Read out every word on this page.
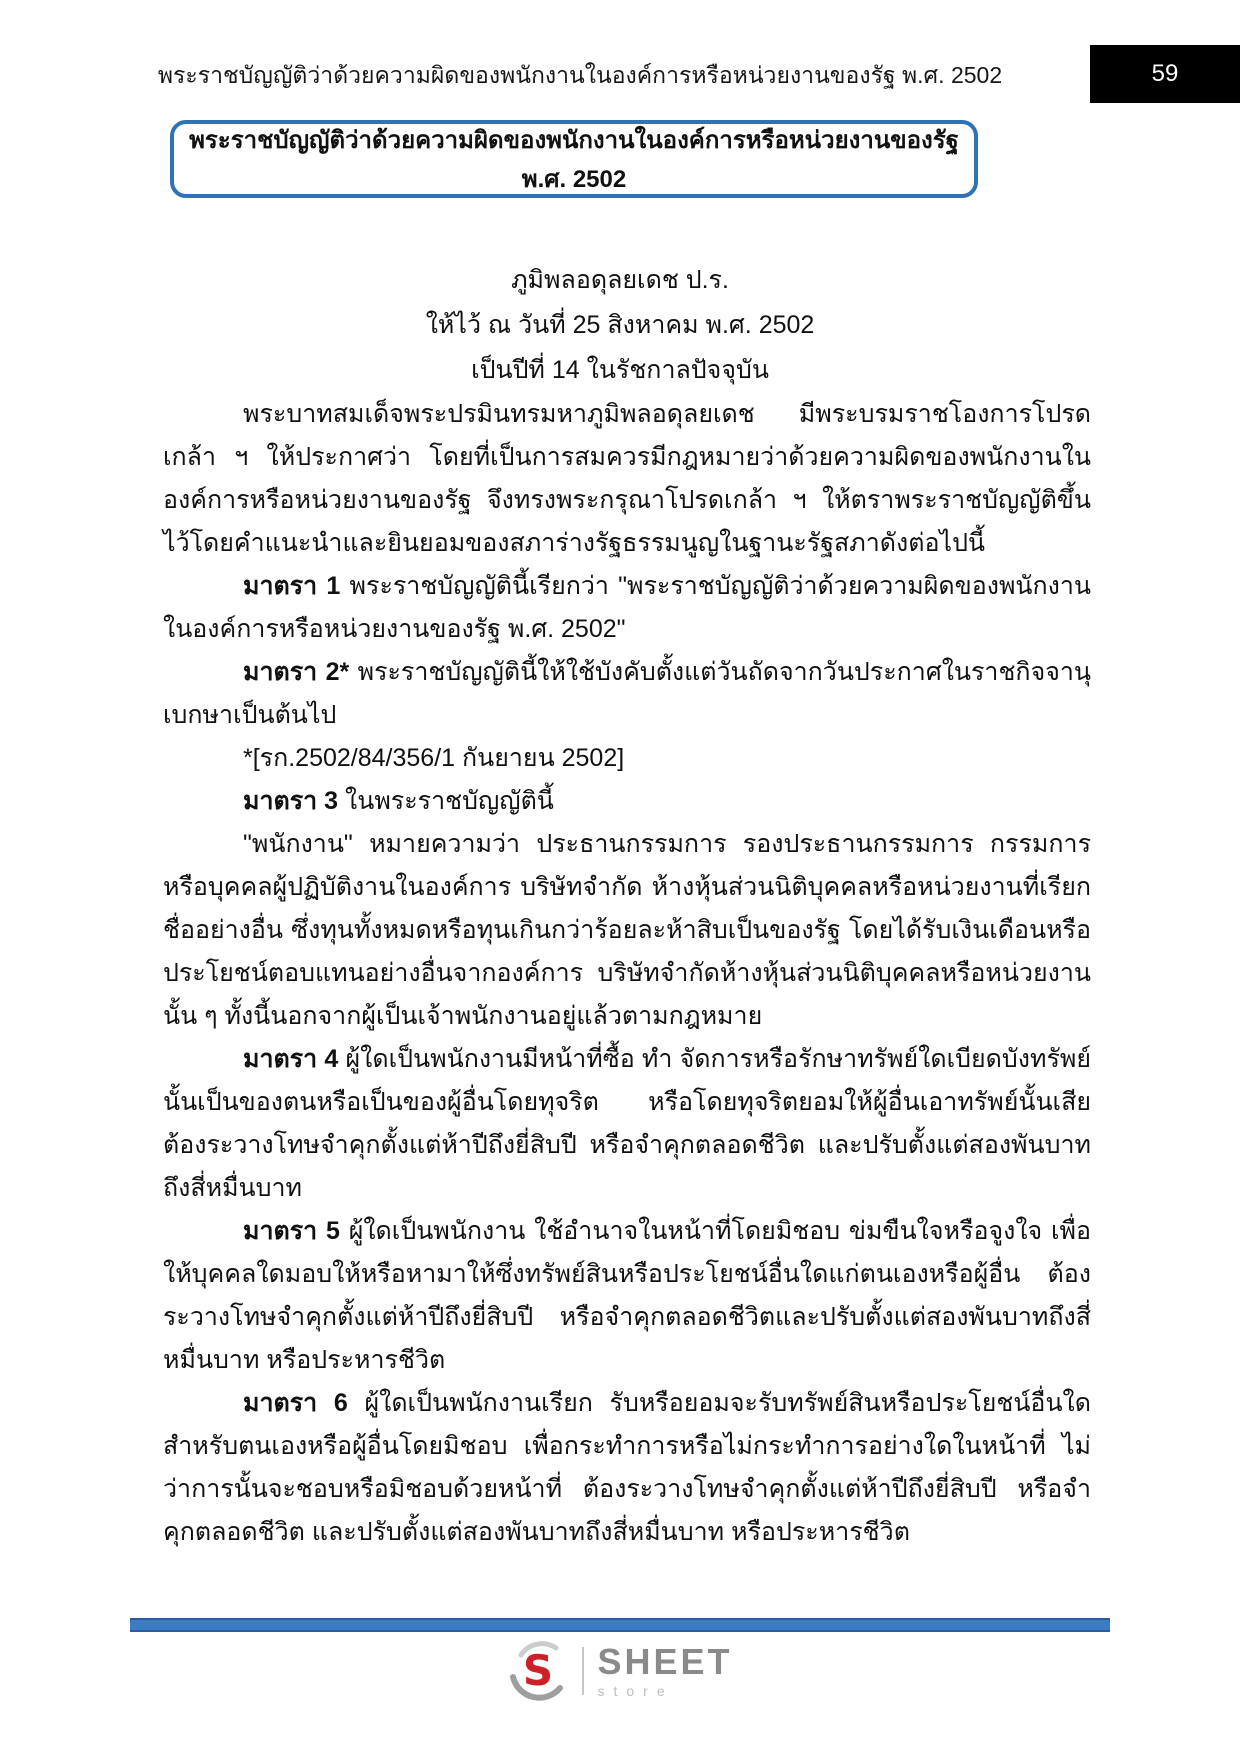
พระราชบัญญัติว่าด้วยความผิดของพนักงานในองค์การหรือหน่วยงานของรัฐ พ.ศ. 2502	59
พระราชบัญญัติว่าด้วยความผิดของพนักงานในองค์การหรือหน่วยงานของรัฐ พ.ศ. 2502
ภูมิพลอดุลยเดช ป.ร.
ให้ไว้ ณ วันที่ 25 สิงหาคม พ.ศ. 2502
เป็นปีที่ 14 ในรัชกาลปัจจุบัน

พระบาทสมเด็จพระปรมินทรมหาภูมิพลอดุลยเดช มีพระบรมราชโองการโปรดเกล้า ฯ ให้ประกาศว่า โดยที่เป็นการสมควรมีกฎหมายว่าด้วยความผิดของพนักงานในองค์การหรือหน่วยงานของรัฐ จึงทรงพระกรุณาโปรดเกล้า ฯ ให้ตราพระราชบัญญัติขึ้นไว้โดยคำแนะนำและยินยอมของสภาร่างรัฐธรรมนูญในฐานะรัฐสภาดังต่อไปนี้

มาตรา 1 พระราชบัญญัตินี้เรียกว่า "พระราชบัญญัติว่าด้วยความผิดของพนักงานในองค์การหรือหน่วยงานของรัฐ พ.ศ. 2502"

มาตรา 2* พระราชบัญญัตินี้ให้ใช้บังคับตั้งแต่วันถัดจากวันประกาศในราชกิจจานุเบกษาเป็นต้นไป

*[รก.2502/84/356/1 กันยายน 2502]

มาตรา 3 ในพระราชบัญญัตินี้

"พนักงาน" หมายความว่า ประธานกรรมการ รองประธานกรรมการ กรรมการหรือบุคคลผู้ปฏิบัติงานในองค์การ บริษัทจำกัด ห้างหุ้นส่วนนิติบุคคลหรือหน่วยงานที่เรียกชื่ออย่างอื่น ซึ่งทุนทั้งหมดหรือทุนเกินกว่าร้อยละห้าสิบเป็นของรัฐ โดยได้รับเงินเดือนหรือประโยชน์ตอบแทนอย่างอื่นจากองค์การ บริษัทจำกัดห้างหุ้นส่วนนิติบุคคลหรือหน่วยงานนั้น ๆ ทั้งนี้นอกจากผู้เป็นเจ้าพนักงานอยู่แล้วตามกฎหมาย

มาตรา 4 ผู้ใดเป็นพนักงานมีหน้าที่ซื้อ ทำ จัดการหรือรักษาทรัพย์ใดเบียดบังทรัพย์นั้นเป็นของตนหรือเป็นของผู้อื่นโดยทุจริต หรือโดยทุจริตยอมให้ผู้อื่นเอาทรัพย์นั้นเสีย ต้องระวางโทษจำคุกตั้งแต่ห้าปีถึงยี่สิบปี หรือจำคุกตลอดชีวิต และปรับตั้งแต่สองพันบาทถึงสี่หมื่นบาท

มาตรา 5 ผู้ใดเป็นพนักงาน ใช้อำนาจในหน้าที่โดยมิชอบ ข่มขืนใจหรือจูงใจ เพื่อให้บุคคลใดมอบให้หรือหามาให้ซึ่งทรัพย์สินหรือประโยชน์อื่นใดแก่ตนเองหรือผู้อื่น ต้องระวางโทษจำคุกตั้งแต่ห้าปีถึงยี่สิบปี หรือจำคุกตลอดชีวิตและปรับตั้งแต่สองพันบาทถึงสี่หมื่นบาท หรือประหารชีวิต

มาตรา 6 ผู้ใดเป็นพนักงานเรียก รับหรือยอมจะรับทรัพย์สินหรือประโยชน์อื่นใด สำหรับตนเองหรือผู้อื่นโดยมิชอบ เพื่อกระทำการหรือไม่กระทำการอย่างใดในหน้าที่ ไม่ว่าการนั้นจะชอบหรือมิชอบด้วยหน้าที่ ต้องระวางโทษจำคุกตั้งแต่ห้าปีถึงยี่สิบปี หรือจำคุกตลอดชีวิต และปรับตั้งแต่สองพันบาทถึงสี่หมื่นบาท หรือประหารชีวิต

S SHEET
store
